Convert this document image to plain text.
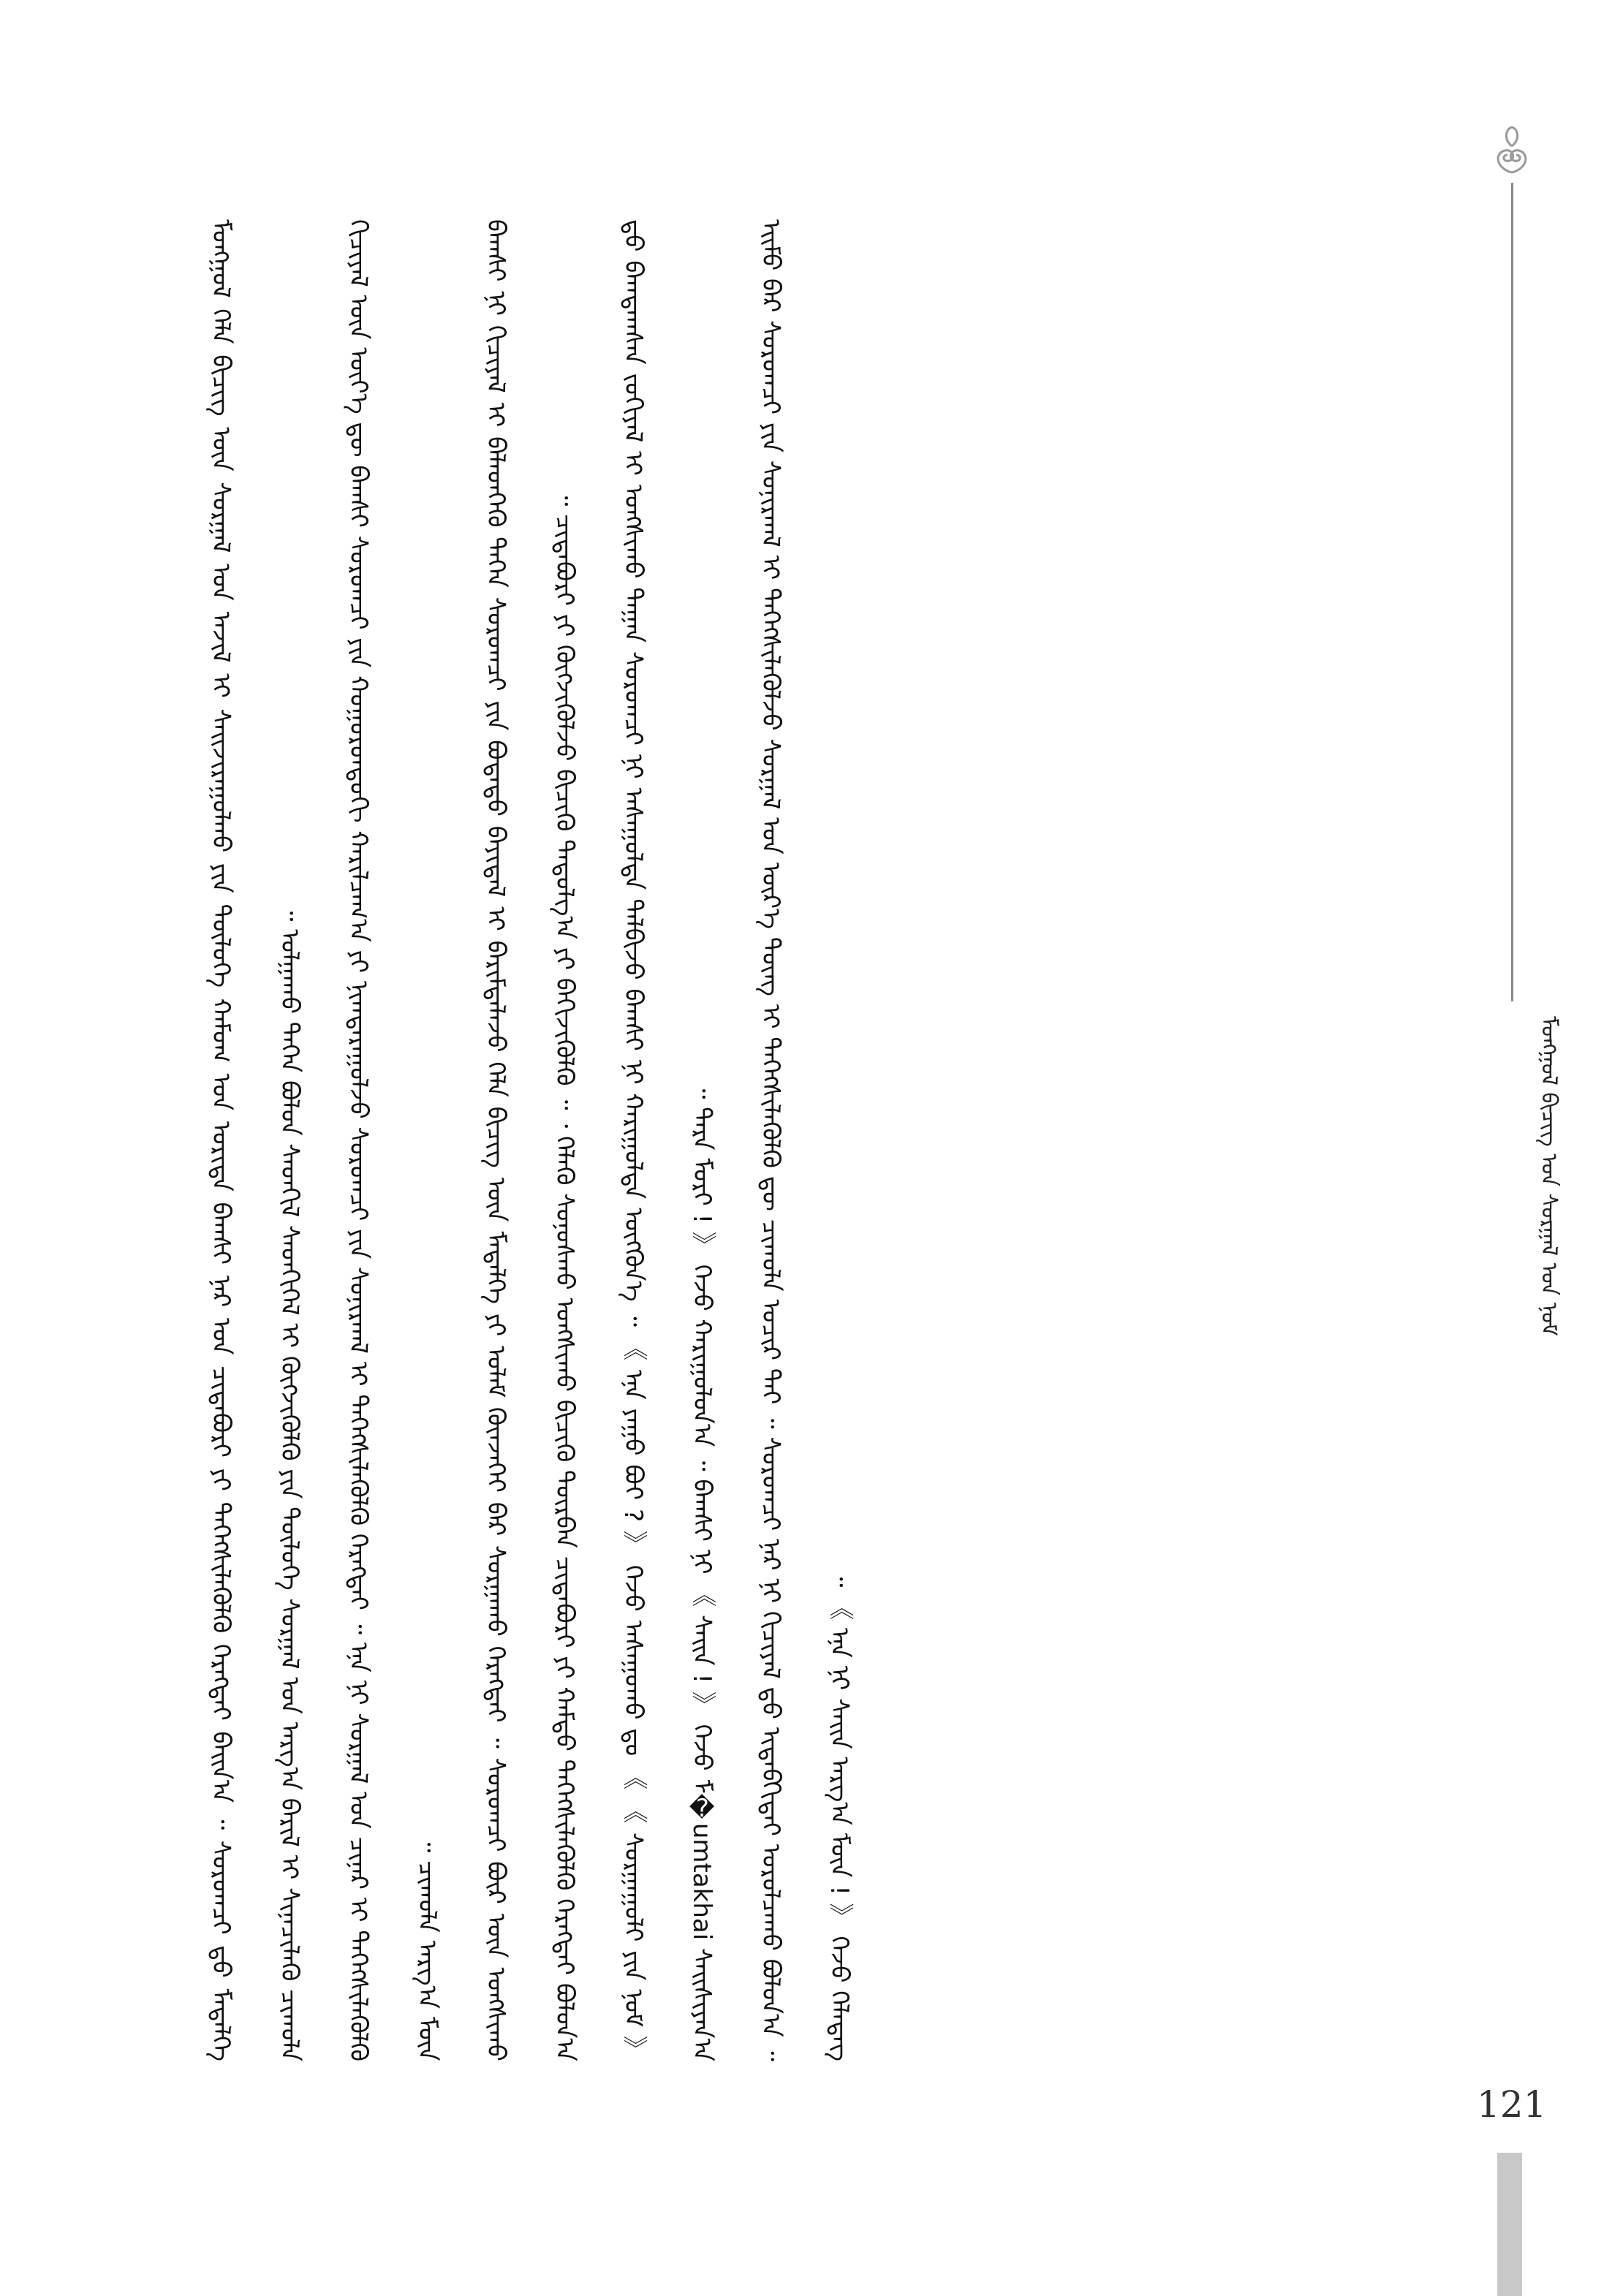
ᠮᠣᠩᠭᠣᠯ ᠪᠢᠴᠢᠭ ᠤᠨ ᠰᠤᠷᠭᠠᠯ ᠤᠨ ᠨᠣᠮ

ᠮᠣᠩᠭᠣᠯ ᠬᠡᠯᠡ ᠪᠢᠴᠢᠭ ᠦᠨ ᠰᠤᠷᠭᠠᠯ ᠤᠨ ᠠᠵᠢᠯ ᠢ ᠰᠠᠢᠵᠢᠷᠠᠭᠤᠯᠬᠤ ᠶᠢᠨ ᠲᠥᠯᠥᠭᠡ ᠬᠠᠮᠤᠭ ᠤᠨ ᠤᠷᠢᠳᠠ ᠪᠠᠭᠰᠢ ᠨᠠᠷ ᠤᠨ ᠴᠢᠳᠠᠪᠤᠷᠢ ᠶᠢ ᠳᠡᠭᠡᠭᠰᠢᠯᠡᠭᠦᠯᠬᠦ ᠬᠡᠷᠡᠭᠲᠡᠢ ᠪᠠᠢᠨ᠎ᠠ ᠃ ᠰᠤᠷᠤᠭᠴᠢ ᠳ᠋ᠤ ᠮᠡᠳᠡᠯᠭᠡ ᠣᠯᠭᠠᠬᠤ ᠳᠡᠭᠡᠨ ᠪᠣᠯᠤᠨ ᠰᠡᠳᠬᠢᠯ ᠰᠡᠳᠬᠢᠭᠡᠯ ᠢ ᠬᠥᠭᠵᠢᠭᠦᠯᠬᠦ ᠶᠢᠨ ᠲᠥᠯᠥᠭᠡ ᠰᠤᠷᠭᠠᠯ ᠤᠨ ᠠᠷᠭ᠎ᠠ ᠪᠠᠷᠢᠯ ᠢ ᠰᠢᠨᠡᠴᠢᠯᠡᠬᠦ ᠴᠢᠬᠤᠯᠠ ᠃	ᠬᠢᠴᠢᠶᠡᠯ ᠦᠨ ᠦᠶ᠎ᠡ ᠳᠦ ᠪᠠᠭᠰᠢ ᠰᠤᠷᠤᠭᠴᠢ ᠶᠢᠨ ᠬᠣᠭᠣᠷᠤᠨᠳᠤᠬᠢ ᠬᠠᠷᠢᠯᠴᠠᠭ᠎ᠠ ᠶᠢ ᠨᠢᠭᠲᠠᠷᠠᠭᠤᠯᠵᠤ ᠰᠤᠷᠤᠭᠴᠢ ᠶᠢᠨ ᠰᠣᠨᠢᠷᠬᠠᠯ ᠢ ᠳᠡᠭᠡᠭᠰᠢᠯᠡᠭᠦᠯᠬᠦ ᠬᠡᠷᠡᠭᠲᠡᠢ ᠃ ᠡᠨᠡ ᠨᠢ ᠰᠤᠷᠭᠠᠯ ᠤᠨ ᠴᠢᠨᠠᠷ ᠢ ᠳᠡᠭᠡᠭᠰᠢᠯᠡᠭᠦᠯᠬᠦ ᠴᠢᠬᠤᠯᠠ ᠠᠷᠭ᠎ᠠ ᠮᠥᠨ ᠃	ᠪᠠᠭᠰᠢ ᠨᠢ ᠬᠢᠴᠢᠶᠡᠯ ᠢ ᠪᠡᠯᠡᠳᠬᠡᠬᠦ ᠳᠡᠭᠡᠨ ᠰᠤᠷᠤᠭᠴᠢ ᠶᠢᠨ ᠪᠣᠳᠠᠲᠤ ᠪᠠᠶᠢᠳᠠᠯ ᠢ ᠪᠠᠷᠢᠮᠳᠠᠯᠠᠵᠤ ᠬᠡᠯᠡ ᠪᠢᠴᠢᠭ ᠦᠨ ᠮᠡᠳᠡᠯᠭᠡ ᠶᠢ ᠤᠯᠠᠮ ᠭᠦᠨᠵᠡᠭᠡᠢ ᠪᠡᠷ ᠰᠤᠷᠭᠠᠬᠤ ᠬᠡᠷᠡᠭᠲᠡᠢ ᠃ ᠰᠤᠷᠤᠭᠴᠢ ᠪᠦᠷ ᠦᠨ ᠤᠩᠰᠢᠬᠤ ᠴᠢᠳᠠᠪᠤᠷᠢ ᠶᠢ ᠬᠥᠭᠵᠢᠭᠦᠯᠵᠦ ᠪᠢᠴᠢᠬᠦ ᠳᠠᠳᠤᠯᠭ᠎ᠠ ᠶᠢ ᠪᠡᠬᠢᠵᠢᠭᠦᠯᠬᠦ ᠃ ᠂ ᠬᠡᠯᠡᠬᠦ ᠰᠣᠨᠣᠰᠬᠤ ᠤᠩᠰᠢᠬᠤ ᠪᠢᠴᠢᠬᠦ ᠳᠥᠷᠪᠡᠨ ᠴᠢᠳᠠᠪᠤᠷᠢ ᠶᠢ ᠬᠠᠮᠲᠤ ᠳᠡᠭᠡᠭᠰᠢᠯᠡᠭᠦᠯᠬᠦ ᠬᠡᠷᠡᠭᠲᠡᠢ ᠪᠣᠯᠤᠨ᠎ᠠ ᠃	《 ᠰᠤᠷᠭᠠᠭᠤᠯᠢ ᠶᠢᠨ ᠨᠣᠮ 》 ᠳ᠋ᠤ ᠪᠠᠭᠳᠠᠭᠰᠠᠨ ᠵᠣᠬᠢᠶᠠᠯ ᠢ ᠤᠩᠰᠢᠬᠤ ᠳᠠᠭᠠᠨ ᠰᠤᠷᠤᠭᠴᠢ ᠨᠢ ᠠᠰᠠᠭᠤᠯᠲᠠ ᠲᠠᠯᠪᠢᠵᠤ ᠪᠠᠭᠰᠢ ᠨᠢ ᠬᠠᠷᠢᠭᠤᠯᠲᠠ ᠥᠭᠭᠦᠨ᠎ᠡ ᠃ 《 ᠡᠨᠡ ᠶᠠᠭᠤ ᠪᠤᠢ ? 》 ᠭᠡᠵᠦ ᠠᠰᠠᠭᠤᠬᠤ ᠳᠤ 《 ᠲᠡᠷᠡ ᠮᠣᠷᠢ ! 》 ᠭᠡᠵᠦ ᠬᠠᠷᠢᠭᠤᠯᠤᠨ᠎ᠠ ᠃ ᠪᠠᠭᠰᠢ ᠨᠢ 《 ᠰᠠᠢᠨ ! 》 ᠭᠡᠵᠦ ᠮ�umtakhai ᠰᠠᠢᠰᠢᠶᠠᠨ᠎ᠠ ᠃	ᠡᠢᠮᠦ ᠪᠡᠷ ᠰᠤᠷᠤᠭᠴᠢ ᠶᠢᠨ ᠰᠣᠨᠢᠷᠬᠠᠯ ᠢ ᠳᠡᠭᠡᠭᠰᠢᠯᠡᠭᠦᠯᠵᠦ ᠰᠤᠷᠭᠠᠯ ᠤᠨ ᠦᠷ᠎ᠡ ᠳᠦᠩ ᠢ ᠳᠡᠭᠡᠭᠰᠢᠯᠡᠭᠦᠯᠬᠦ ᠳᠦ ᠴᠢᠬᠤᠯᠠ ᠤᠴᠢᠷ ᠲᠠᠢ ᠃ ᠰᠤᠷᠤᠭᠴᠢ ᠨᠠᠷ ᠨᠢ ᠬᠢᠴᠢᠶᠡᠯ ᠳ᠋ᠤ ᠢᠳᠡᠪᠬᠢᠲᠡᠢ ᠣᠷᠣᠯᠴᠠᠬᠤ ᠪᠣᠯᠤᠨ᠎ᠠ ᠃ 《 ᠡᠨᠡ ᠨᠢ ᠰᠠᠢᠨ ᠠᠷᠭ᠎ᠠ ᠮᠥᠨ ! 》 ᠭᠡᠵᠦ ᠬᠡᠯᠡᠳᠡᠭ ᠃

121
